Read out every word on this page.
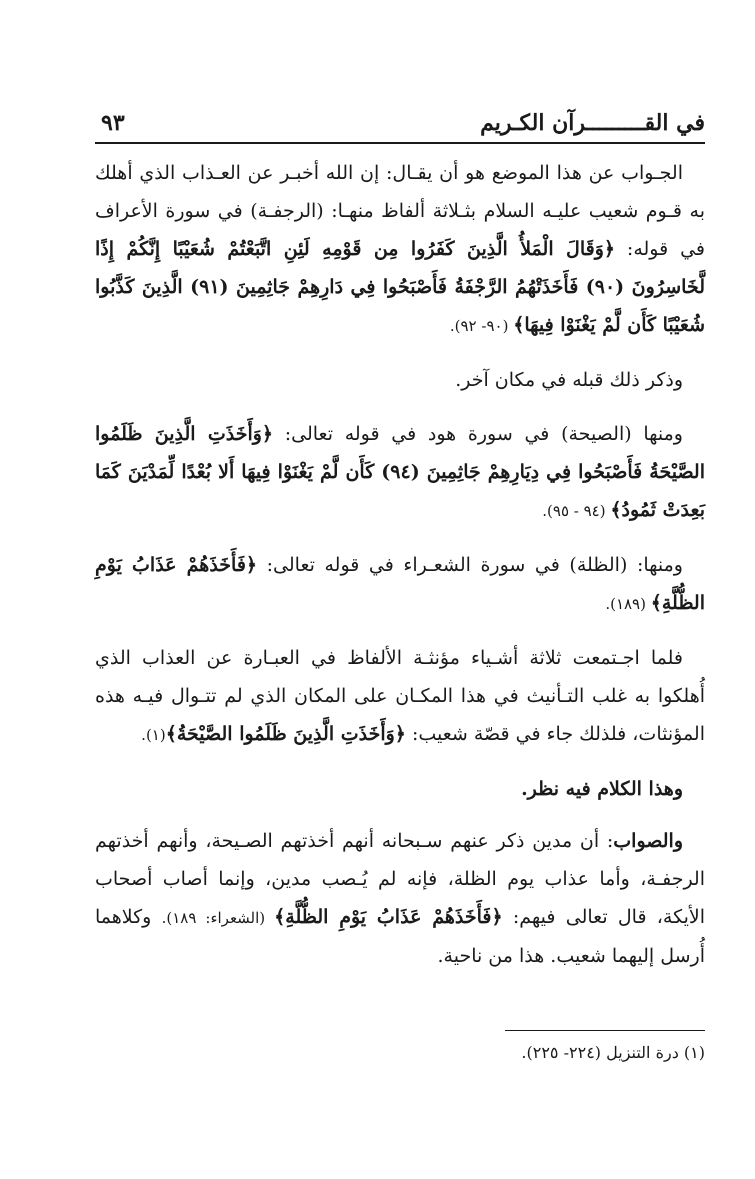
في القـــــــــرآن الكـريم
٩٣

الجـواب عن هذا الموضع هو أن يقـال: إن الله أخبـر عن العـذاب الذي أهلك به قـوم شعيب عليـه السلام بثـلاثة ألفاظ منهـا: (الرجفـة) في سورة الأعراف في قوله: ﴿وَقَالَ الْمَلأُ الَّذِينَ كَفَرُوا مِن قَوْمِهِ لَئِنِ اتَّبَعْتُمْ شُعَيْبًا إِنَّكُمْ إِذًا لَّخَاسِرُونَ (٩٠) فَأَخَذَتْهُمُ الرَّجْفَةُ فَأَصْبَحُوا فِي دَارِهِمْ جَاثِمِينَ (٩١) الَّذِينَ كَذَّبُوا شُعَيْبًا كَأَن لَّمْ يَغْنَوْا فِيهَا﴾ (٩٠- ٩٢).

وذكر ذلك قبله في مكان آخر.

ومنها (الصيحة) في سورة هود في قوله تعالى: ﴿وَأَخَذَتِ الَّذِينَ ظَلَمُوا الصَّيْحَةُ فَأَصْبَحُوا فِي دِيَارِهِمْ جَاثِمِينَ (٩٤) كَأَن لَّمْ يَغْنَوْا فِيهَا أَلا بُعْدًا لِّمَدْيَنَ كَمَا بَعِدَتْ ثَمُودُ﴾ (٩٤ - ٩٥).

ومنها: (الظلة) في سورة الشعـراء في قوله تعالى: ﴿فَأَخَذَهُمْ عَذَابُ يَوْمِ الظُّلَّةِ﴾ (١٨٩).

فلما اجـتمعت ثلاثة أشـياء مؤنثـة الألفاظ في العبـارة عن العذاب الذي أُهلكوا به غلب التـأنيث في هذا المكـان على المكان الذي لم تتـوال فيـه هذه المؤنثات، فلذلك جاء في قصّة شعيب: ﴿وَأَخَذَتِ الَّذِينَ ظَلَمُوا الصَّيْحَةُ﴾(١).

وهذا الكلام فيه نظر.

والصواب: أن مدين ذكر عنهم سـبحانه أنهم أخذتهم الصـيحة، وأنهم أخذتهم الرجفـة، وأما عذاب يوم الظلة، فإنه لم يُـصب مدين، وإنما أصاب أصحاب الأيكة، قال تعالى فيهم: ﴿فَأَخَذَهُمْ عَذَابُ يَوْمِ الظُّلَّةِ﴾ (الشعراء: ١٨٩). وكلاهما أُرسل إليهما شعيب. هذا من ناحية.

(١) درة التنزيل (٢٢٤- ٢٢٥).
